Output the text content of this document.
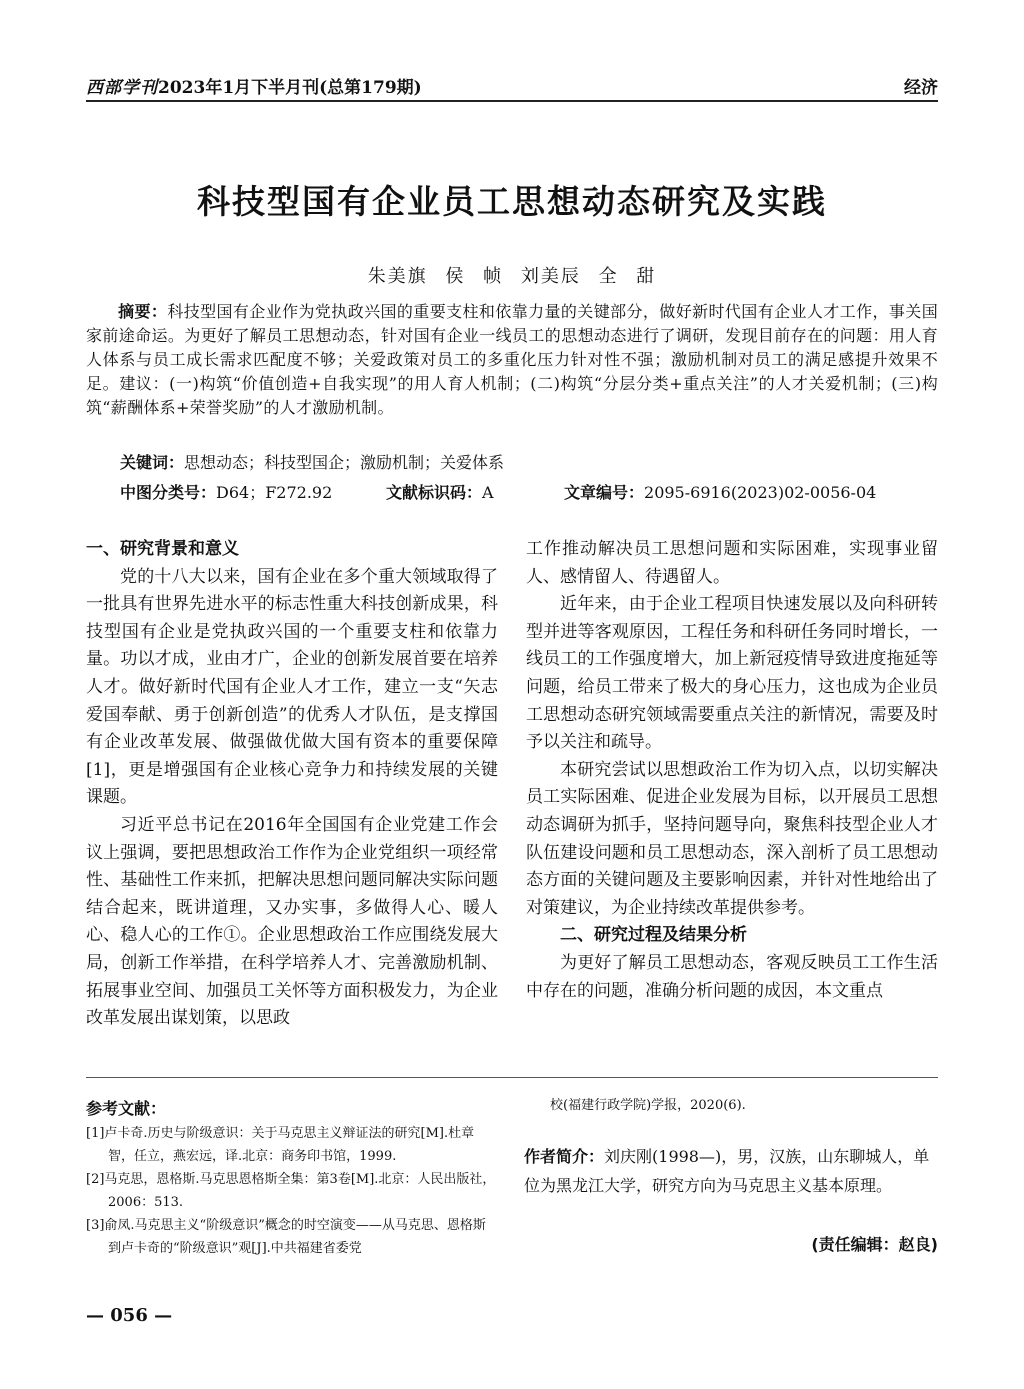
西部学刊2023年1月下半月刊(总第179期)	经济
科技型国有企业员工思想动态研究及实践
朱美旗 侯 帧 刘美辰 全 甜
摘要：科技型国有企业作为党执政兴国的重要支柱和依靠力量的关键部分，做好新时代国有企业人才工作，事关国家前途命运。为更好了解员工思想动态，针对国有企业一线员工的思想动态进行了调研，发现目前存在的问题：用人育人体系与员工成长需求匹配度不够；关爱政策对员工的多重化压力针对性不强；激励机制对员工的满足感提升效果不足。建议：(一)构筑“价值创造+自我实现”的用人育人机制；(二)构筑“分层分类+重点关注”的人才关爱机制；(三)构筑“薪酬体系+荣誉奖励”的人才激励机制。
关键词：思想动态；科技型国企；激励机制；关爱体系
中图分类号：D64；F272.92	文献标识码：A	文章编号：2095-6916(2023)02-0056-04
一、研究背景和意义

党的十八大以来，国有企业在多个重大领域取得了一批具有世界先进水平的标志性重大科技创新成果，科技型国有企业是党执政兴国的一个重要支柱和依靠力量。功以才成，业由才广，企业的创新发展首要在培养人才。做好新时代国有企业人才工作，建立一支“矢志爱国奉献、勇于创新创造”的优秀人才队伍，是支撑国有企业改革发展、做强做优做大国有资本的重要保障[1]，更是增强国有企业核心竞争力和持续发展的关键课题。

习近平总书记在2016年全国国有企业党建工作会议上强调，要把思想政治工作作为企业党组织一项经常性、基础性工作来抓，把解决思想问题同解决实际问题结合起来，既讲道理，又办实事，多做得人心、暖人心、稳人心的工作①。企业思想政治工作应围绕发展大局，创新工作举措，在科学培养人才、完善激励机制、拓展事业空间、加强员工关怀等方面积极发力，为企业改革发展出谋划策，以思政

工作推动解决员工思想问题和实际困难，实现事业留人、感情留人、待遇留人。

近年来，由于企业工程项目快速发展以及向科研转型并进等客观原因，工程任务和科研任务同时增长，一线员工的工作强度增大，加上新冠疫情导致进度拖延等问题，给员工带来了极大的身心压力，这也成为企业员工思想动态研究领域需要重点关注的新情况，需要及时予以关注和疏导。

本研究尝试以思想政治工作为切入点，以切实解决员工实际困难、促进企业发展为目标，以开展员工思想动态调研为抓手，坚持问题导向，聚焦科技型企业人才队伍建设问题和员工思想动态，深入剖析了员工思想动态方面的关键问题及主要影响因素，并针对性地给出了对策建议，为企业持续改革提供参考。

二、研究过程及结果分析

为更好了解员工思想动态，客观反映员工工作生活中存在的问题，准确分析问题的成因，本文重点

参考文献：
[1]卢卡奇.历史与阶级意识：关于马克思主义辩证法的研究[M].杜章智，任立，燕宏远，译.北京：商务印书馆，1999.
[2]马克思，恩格斯.马克思恩格斯全集：第3卷[M].北京：人民出版社，2006：513.
[3]俞凤.马克思主义“阶级意识”概念的时空演变——从马克思、恩格斯到卢卡奇的“阶级意识”观[J].中共福建省委党
校(福建行政学院)学报，2020(6).
作者简介：刘庆刚(1998—)，男，汉族，山东聊城人，单位为黑龙江大学，研究方向为马克思主义基本原理。
(责任编辑：赵良)
— 056 —
